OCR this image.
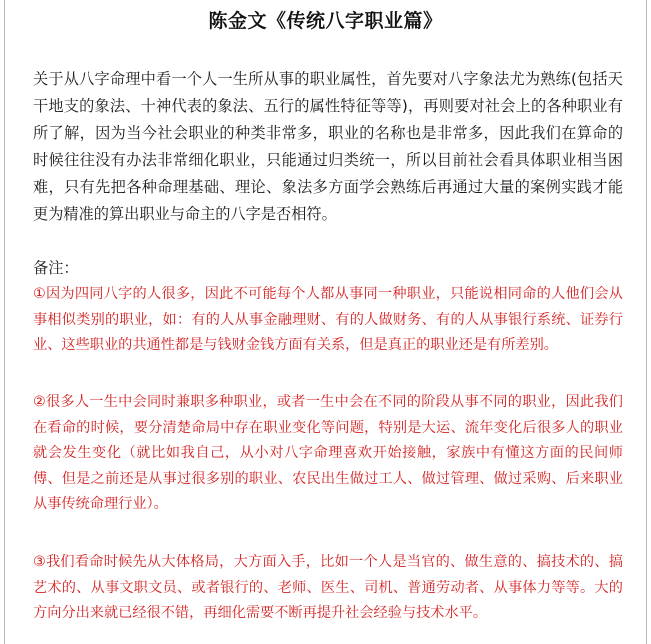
陈金文《传统八字职业篇》

关于从八字命理中看一个人一生所从事的职业属性，首先要对八字象法尤为熟练(包括天干地支的象法、十神代表的象法、五行的属性特征等等)，再则要对社会上的各种职业有所了解，因为当今社会职业的种类非常多，职业的名称也是非常多，因此我们在算命的时候往往没有办法非常细化职业，只能通过归类统一，所以目前社会看具体职业相当困难，只有先把各种命理基础、理论、象法多方面学会熟练后再通过大量的案例实践才能更为精准的算出职业与命主的八字是否相符。

备注：

①因为四同八字的人很多，因此不可能每个人都从事同一种职业，只能说相同命的人他们会从事相似类别的职业，如：有的人从事金融理财、有的人做财务、有的人从事银行系统、证券行业、这些职业的共通性都是与钱财金钱方面有关系，但是真正的职业还是有所差别。

②很多人一生中会同时兼职多种职业，或者一生中会在不同的阶段从事不同的职业，因此我们在看命的时候，要分清楚命局中存在职业变化等问题，特别是大运、流年变化后很多人的职业就会发生变化（就比如我自己，从小对八字命理喜欢开始接触，家族中有懂这方面的民间师傅、但是之前还是从事过很多别的职业、农民出生做过工人、做过管理、做过采购、后来职业从事传统命理行业）。

③我们看命时候先从大体格局，大方面入手，比如一个人是当官的、做生意的、搞技术的、搞艺术的、从事文职文员、或者银行的、老师、医生、司机、普通劳动者、从事体力等等。大的方向分出来就已经很不错，再细化需要不断再提升社会经验与技术水平。
